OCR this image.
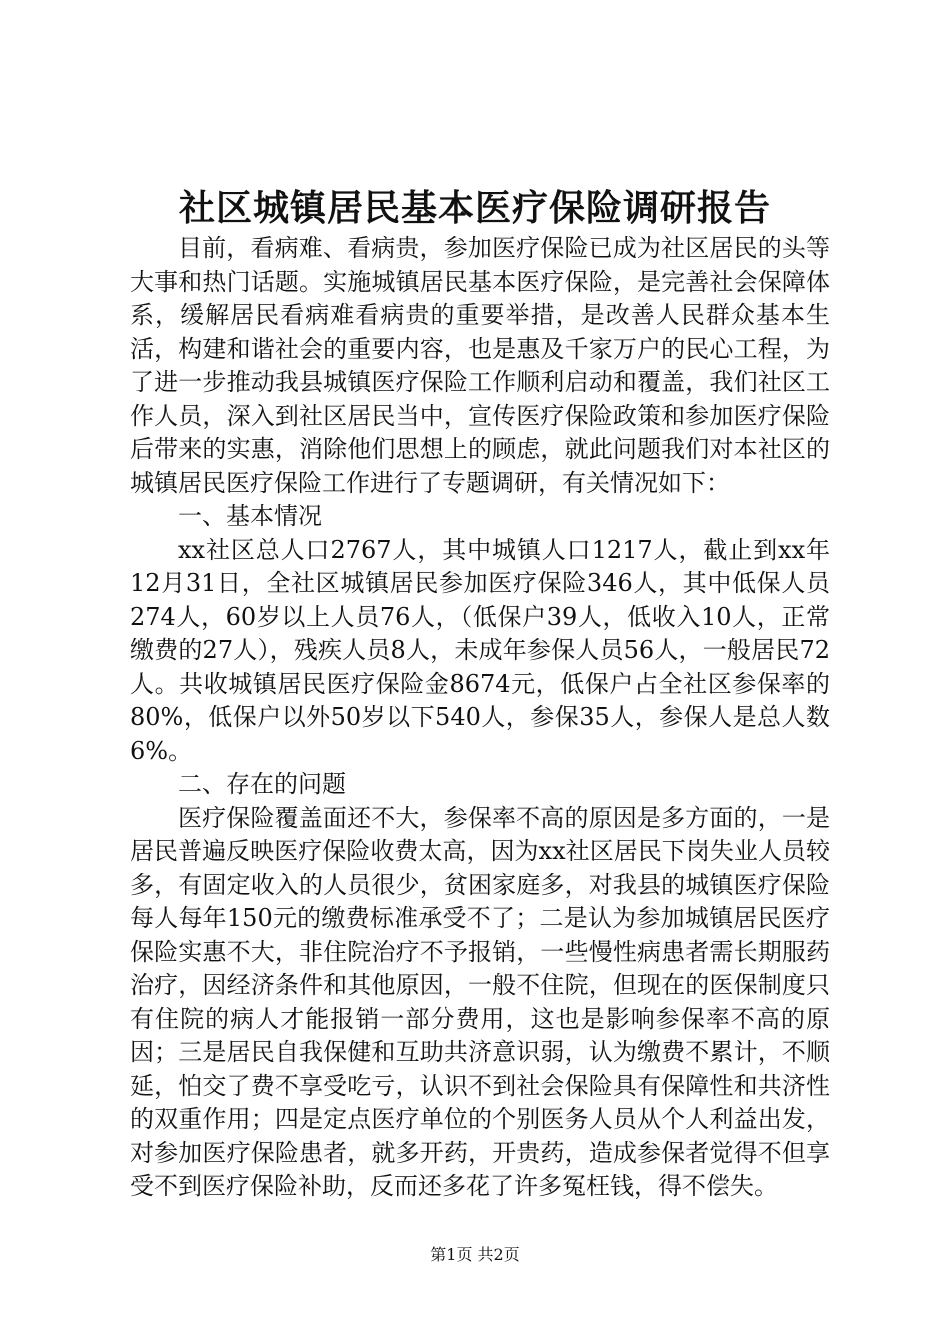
社区城镇居民基本医疗保险调研报告

目前，看病难、看病贵，参加医疗保险已成为社区居民的头等大事和热门话题。实施城镇居民基本医疗保险，是完善社会保障体系，缓解居民看病难看病贵的重要举措，是改善人民群众基本生活，构建和谐社会的重要内容，也是惠及千家万户的民心工程，为了进一步推动我县城镇医疗保险工作顺利启动和覆盖，我们社区工作人员，深入到社区居民当中，宣传医疗保险政策和参加医疗保险后带来的实惠，消除他们思想上的顾虑，就此问题我们对本社区的城镇居民医疗保险工作进行了专题调研，有关情况如下：

一、基本情况

xx社区总人口2767人，其中城镇人口1217人，截止到xx年12月31日，全社区城镇居民参加医疗保险346人，其中低保人员274人，60岁以上人员76人，（低保户39人，低收入10人，正常缴费的27人），残疾人员8人，未成年参保人员56人，一般居民72人。共收城镇居民医疗保险金8674元，低保户占全社区参保率的80%，低保户以外50岁以下540人，参保35人，参保人是总人数6%。

二、存在的问题

医疗保险覆盖面还不大，参保率不高的原因是多方面的，一是居民普遍反映医疗保险收费太高，因为xx社区居民下岗失业人员较多，有固定收入的人员很少，贫困家庭多，对我县的城镇医疗保险每人每年150元的缴费标准承受不了；二是认为参加城镇居民医疗保险实惠不大，非住院治疗不予报销，一些慢性病患者需长期服药治疗，因经济条件和其他原因，一般不住院，但现在的医保制度只有住院的病人才能报销一部分费用，这也是影响参保率不高的原因；三是居民自我保健和互助共济意识弱，认为缴费不累计，不顺延，怕交了费不享受吃亏，认识不到社会保险具有保障性和共济性的双重作用；四是定点医疗单位的个别医务人员从个人利益出发，对参加医疗保险患者，就多开药，开贵药，造成参保者觉得不但享受不到医疗保险补助，反而还多花了许多冤枉钱，得不偿失。

第1页 共2页
